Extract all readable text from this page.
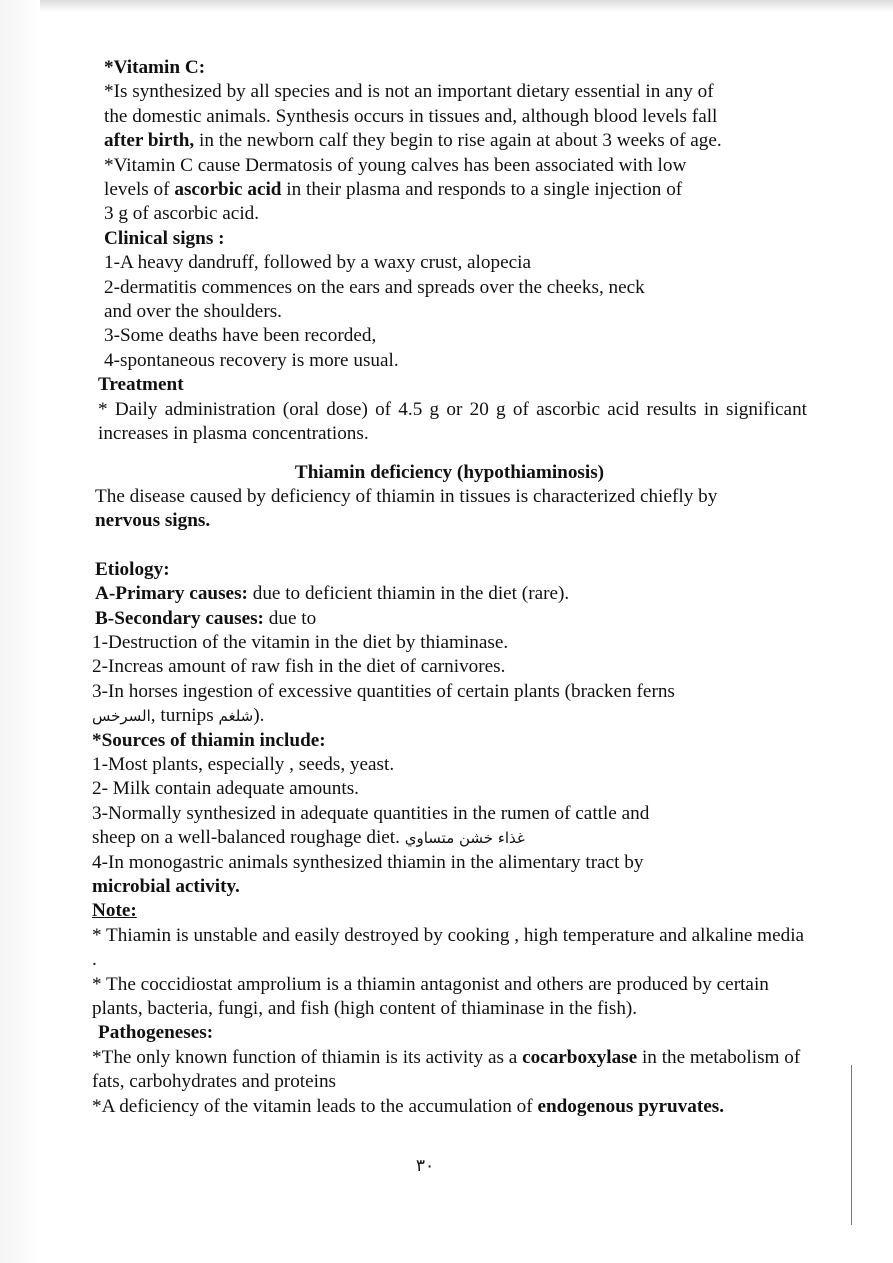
*Vitamin C:
*Is synthesized by all species and is not an important dietary essential in any of
the domestic animals. Synthesis occurs in tissues and, although blood levels fall
after birth, in the newborn calf they begin to rise again at about 3 weeks of age.
*Vitamin C cause Dermatosis of young calves has been associated with low
levels of ascorbic acid in their plasma and responds to a single injection of
3 g of ascorbic acid.
Clinical signs :
1-A heavy dandruff, followed by a waxy crust, alopecia
2-dermatitis commences on the ears and spreads over the cheeks, neck
and over the shoulders.
3-Some deaths have been recorded,
4-spontaneous recovery is more usual.
Treatment
* Daily administration (oral dose) of 4.5 g or 20 g of ascorbic acid results in significant increases in plasma concentrations.
Thiamin deficiency (hypothiaminosis)
The disease caused by deficiency of thiamin in tissues is characterized chiefly by
nervous signs.
Etiology:
A-Primary causes: due to deficient thiamin in the diet (rare).
B-Secondary causes: due to
1-Destruction of the vitamin in the diet by thiaminase.
2-Increas amount of raw fish in the diet of carnivores.
3-In horses ingestion of excessive quantities of certain plants (bracken ferns
السرخس, turnips شلغم).
*Sources of thiamin include:
1-Most plants, especially , seeds, yeast.
2- Milk contain adequate amounts.
3-Normally synthesized in adequate quantities in the rumen of cattle and
sheep on a well-balanced roughage diet. غذاء خشن متساوي
4-In monogastric animals synthesized thiamin in the alimentary tract by
microbial activity.
Note:
* Thiamin is unstable and easily destroyed by cooking , high temperature and alkaline media .
* The coccidiostat amprolium is a thiamin antagonist and others are produced by certain plants, bacteria, fungi, and fish (high content of thiaminase in the fish).
Pathogeneses:
*The only known function of thiamin is its activity as a cocarboxylase in the metabolism of fats, carbohydrates and proteins
*A deficiency of the vitamin leads to the accumulation of endogenous pyruvates.
٣٠
